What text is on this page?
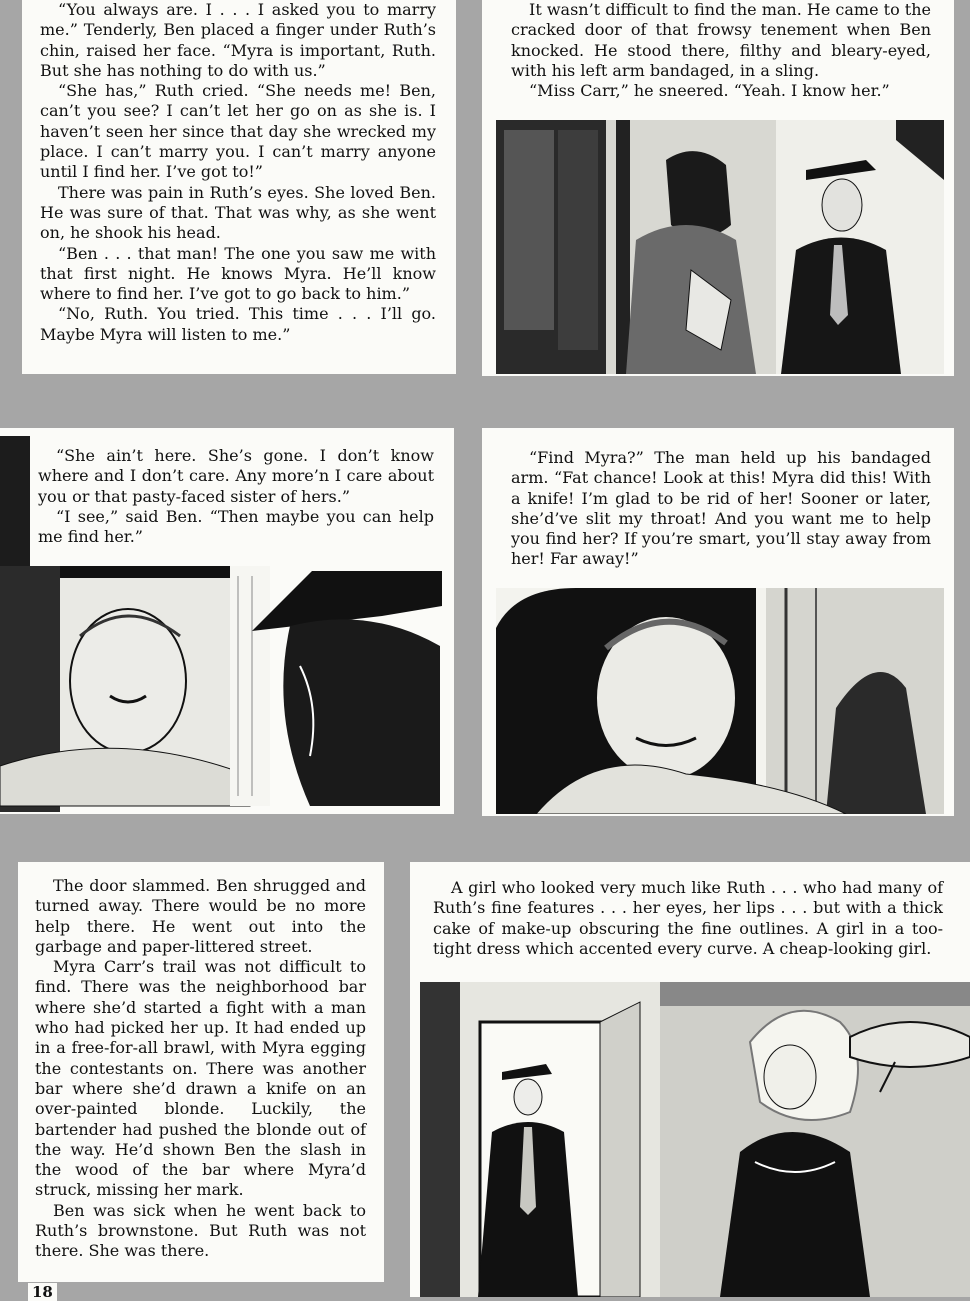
“You always are. I . . . I asked you to marry me.” Tenderly, Ben placed a finger under Ruth’s chin, raised her face. “Myra is important, Ruth. But she has nothing to do with us.”

“She has,” Ruth cried. “She needs me! Ben, can’t you see? I can’t let her go on as she is. I haven’t seen her since that day she wrecked my place. I can’t marry you. I can’t marry anyone until I find her. I’ve got to!”

There was pain in Ruth’s eyes. She loved Ben. He was sure of that. That was why, as she went on, he shook his head.

“Ben . . . that man! The one you saw me with that first night. He knows Myra. He’ll know where to find her. I’ve got to go back to him.”

“No, Ruth. You tried. This time . . . I’ll go. Maybe Myra will listen to me.”

It wasn’t difficult to find the man. He came to the cracked door of that frowsy tenement when Ben knocked. He stood there, filthy and bleary-eyed, with his left arm bandaged, in a sling.

“Miss Carr,” he sneered. “Yeah. I know her.”

“She ain’t here. She’s gone. I don’t know where and I don’t care. Any more’n I care about you or that pasty-faced sister of hers.”

“I see,” said Ben. “Then maybe you can help me find her.”

“Find Myra?” The man held up his bandaged arm. “Fat chance! Look at this! Myra did this! With a knife! I’m glad to be rid of her! Sooner or later, she’d’ve slit my throat! And you want me to help you find her? If you’re smart, you’ll stay away from her! Far away!”

The door slammed. Ben shrugged and turned away. There would be no more help there. He went out into the garbage and paper-littered street.

Myra Carr’s trail was not difficult to find. There was the neighborhood bar where she’d started a fight with a man who had picked her up. It had ended up in a free-for-all brawl, with Myra egging the contestants on. There was another bar where she’d drawn a knife on an over-painted blonde. Luckily, the bartender had pushed the blonde out of the way. He’d shown Ben the slash in the wood of the bar where Myra’d struck, missing her mark.

Ben was sick when he went back to Ruth’s brownstone. But Ruth was not there. She was there.

A girl who looked very much like Ruth . . . who had many of Ruth’s fine features . . . her eyes, her lips . . . but with a thick cake of make-up obscuring the fine outlines. A girl in a too-tight dress which accented every curve. A cheap-looking girl.

18
